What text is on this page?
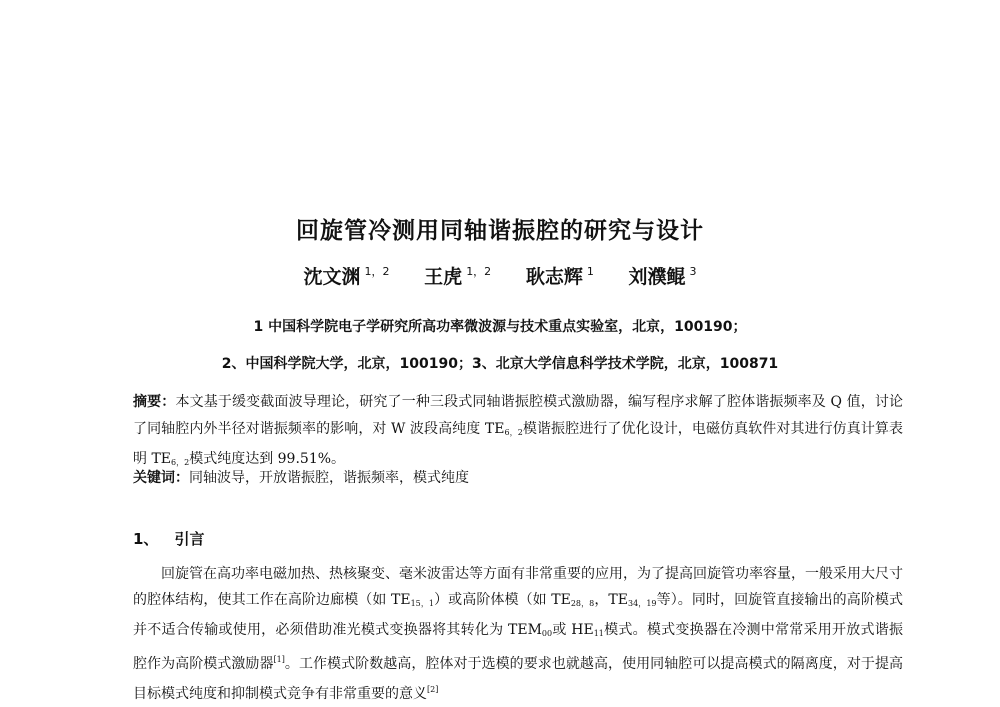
回旋管冷测用同轴谐振腔的研究与设计
沈文渊 $^{1,2}$ 王虎 $^{1,2}$ 耿志辉 $^1$ 刘濮鲲 $^3$
1 中国科学院电子学研究所高功率微波源与技术重点实验室，北京，100190；
2、中国科学院大学，北京，100190；3、北京大学信息科学技术学院，北京，100871
摘要：本文基于缓变截面波导理论，研究了一种三段式同轴谐振腔模式激励器，编写程序求解了腔体谐振频率及 Q 值，讨论了同轴腔内外半径对谐振频率的影响，对 W 波段高纯度 $TE_{6,2}$模谐振腔进行了优化设计，电磁仿真软件对其进行仿真计算表明 $TE_{6,2}$模式纯度达到 99.51%。
关键词：同轴波导，开放谐振腔，谐振频率，模式纯度
1、 引言
回旋管在高功率电磁加热、热核聚变、毫米波雷达等方面有非常重要的应用，为了提高回旋管功率容量，一般采用大尺寸的腔体结构，使其工作在高阶边廊模（如 $TE_{15,1}$）或高阶体模（如 $TE_{28,8}$，$TE_{34,19}$等）。同时，回旋管直接输出的高阶模式并不适合传输或使用，必须借助准光模式变换器将其转化为 $TEM_{00}$或 $HE_{11}$模式。模式变换器在冷测中常常采用开放式谐振腔作为高阶模式激励器[1]。工作模式阶数越高，腔体对于选模的要求也就越高，使用同轴腔可以提高模式的隔离度，对于提高目标模式纯度和抑制模式竞争有非常重要的意义[2]
